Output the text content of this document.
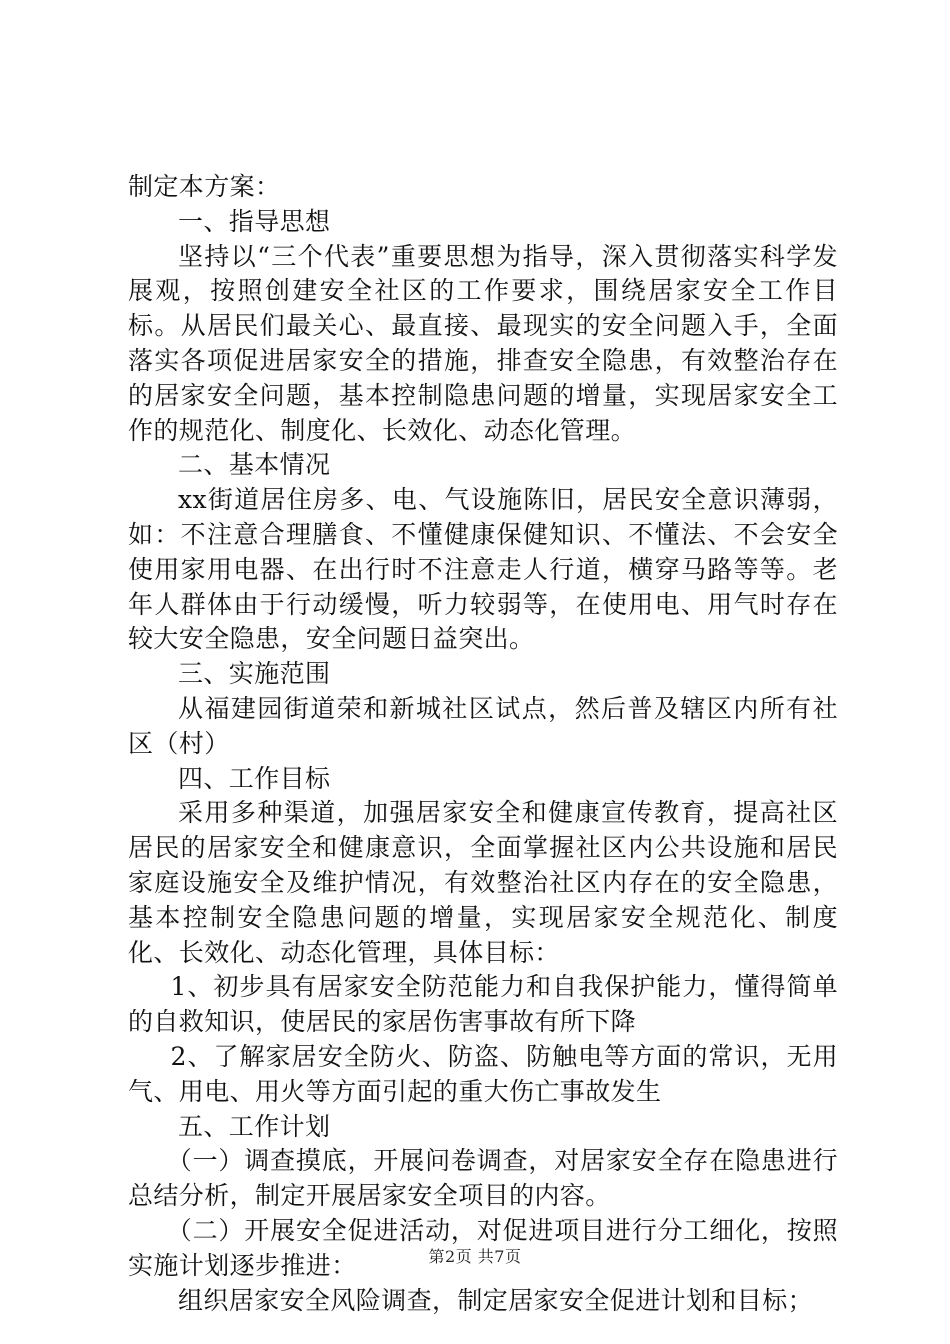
制定本方案：

一、指导思想

坚持以“三个代表”重要思想为指导，深入贯彻落实科学发展观，按照创建安全社区的工作要求，围绕居家安全工作目标。从居民们最关心、最直接、最现实的安全问题入手，全面落实各项促进居家安全的措施，排查安全隐患，有效整治存在的居家安全问题，基本控制隐患问题的增量，实现居家安全工作的规范化、制度化、长效化、动态化管理。

二、基本情况

xx街道居住房多、电、气设施陈旧，居民安全意识薄弱，如：不注意合理膳食、不懂健康保健知识、不懂法、不会安全使用家用电器、在出行时不注意走人行道，横穿马路等等。老年人群体由于行动缓慢，听力较弱等，在使用电、用气时存在较大安全隐患，安全问题日益突出。

三、实施范围

从福建园街道荣和新城社区试点，然后普及辖区内所有社区（村）

四、工作目标

采用多种渠道，加强居家安全和健康宣传教育，提高社区居民的居家安全和健康意识，全面掌握社区内公共设施和居民家庭设施安全及维护情况，有效整治社区内存在的安全隐患，基本控制安全隐患问题的增量，实现居家安全规范化、制度化、长效化、动态化管理，具体目标：

1、初步具有居家安全防范能力和自我保护能力，懂得简单的自救知识，使居民的家居伤害事故有所下降

2、了解家居安全防火、防盗、防触电等方面的常识，无用气、用电、用火等方面引起的重大伤亡事故发生

五、工作计划

（一）调查摸底，开展问卷调查，对居家安全存在隐患进行总结分析，制定开展居家安全项目的内容。

（二）开展安全促进活动，对促进项目进行分工细化，按照实施计划逐步推进：

组织居家安全风险调查，制定居家安全促进计划和目标；

第2页 共7页
